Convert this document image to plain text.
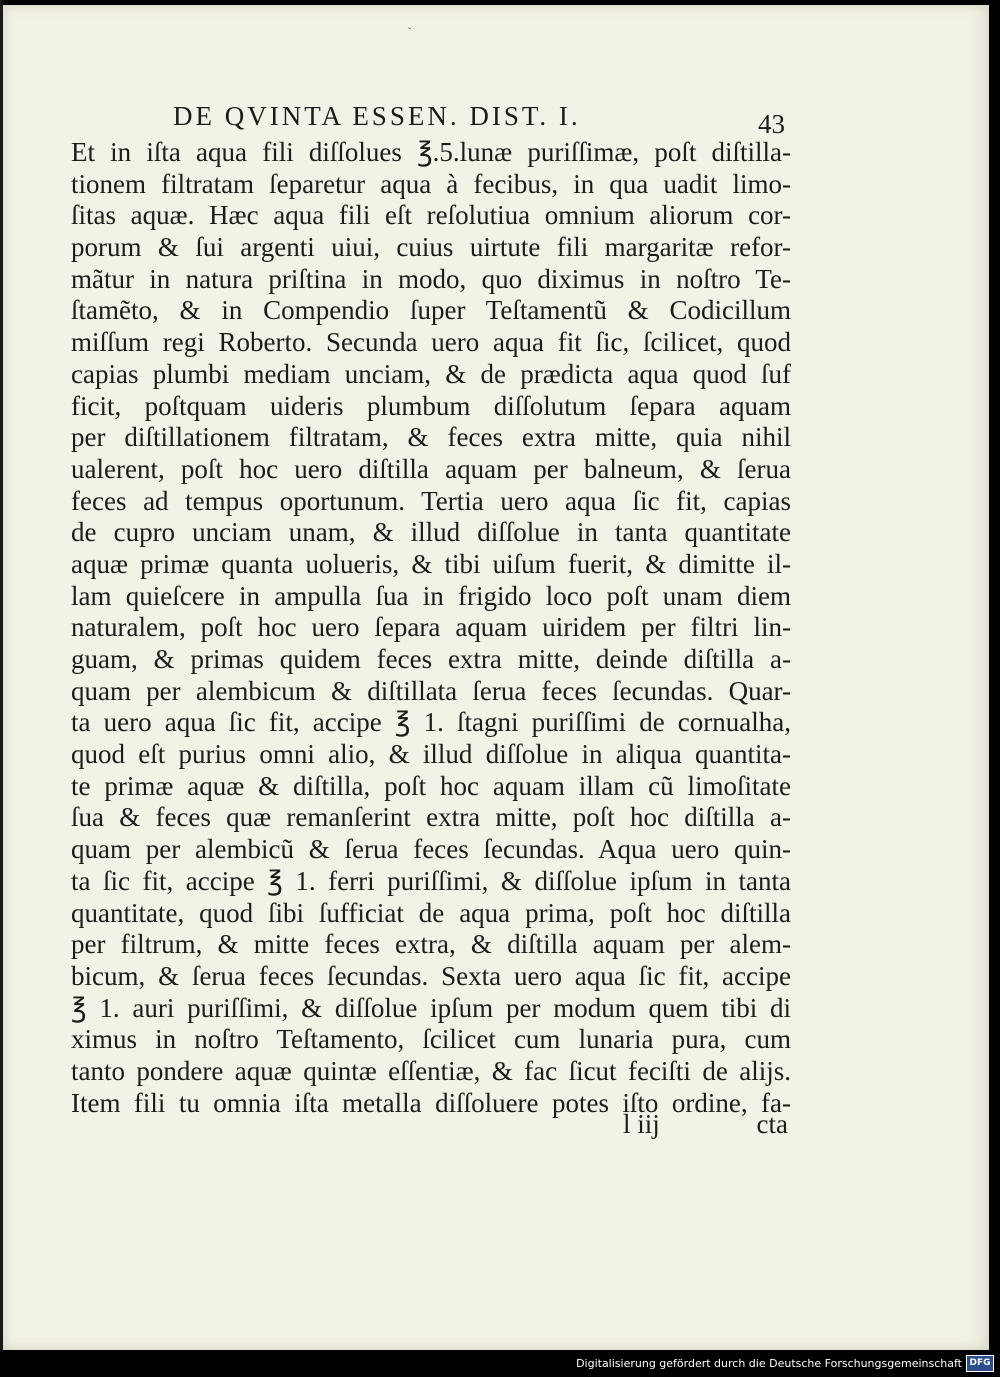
ˇ
DE QVINTA ESSEN. DIST. I.	43
Et in iſta aqua fili diſſolues ℥.5.lunæ puriſſimæ, poſt diſtilla-
tionem filtratam ſeparetur aqua à fecibus, in qua uadit limo-
ſitas aquæ. Hæc aqua fili eſt reſolutiua omnium aliorum cor-
porum & ſui argenti uiui, cuius uirtute fili margaritæ refor-
mãtur in natura priſtina in modo, quo diximus in noſtro Te-
ſtamẽto, & in Compendio ſuper Teſtamentũ & Codicillum
miſſum regi Roberto. Secunda uero aqua fit ſic, ſcilicet, quod
capias plumbi mediam unciam, & de prædicta aqua quod ſuf
ficit, poſtquam uideris plumbum diſſolutum ſepara aquam
per diſtillationem filtratam, & feces extra mitte, quia nihil
ualerent, poſt hoc uero diſtilla aquam per balneum, & ſerua
feces ad tempus oportunum. Tertia uero aqua ſic fit, capias
de cupro unciam unam, & illud diſſolue in tanta quantitate
aquæ primæ quanta uolueris, & tibi uiſum fuerit, & dimitte il-
lam quieſcere in ampulla ſua in frigido loco poſt unam diem
naturalem, poſt hoc uero ſepara aquam uiridem per filtri lin-
guam, & primas quidem feces extra mitte, deinde diſtilla a-
quam per alembicum & diſtillata ſerua feces ſecundas. Quar-
ta uero aqua ſic fit, accipe ℥ 1. ſtagni puriſſimi de cornualha,
quod eſt purius omni alio, & illud diſſolue in aliqua quantita-
te primæ aquæ & diſtilla, poſt hoc aquam illam cũ limoſitate
ſua & feces quæ remanſerint extra mitte, poſt hoc diſtilla a-
quam per alembicũ & ſerua feces ſecundas. Aqua uero quin-
ta ſic fit, accipe ℥ 1. ferri puriſſimi, & diſſolue ipſum in tanta
quantitate, quod ſibi ſufficiat de aqua prima, poſt hoc diſtilla
per filtrum, & mitte feces extra, & diſtilla aquam per alem-
bicum, & ſerua feces ſecundas. Sexta uero aqua ſic fit, accipe
℥ 1. auri puriſſimi, & diſſolue ipſum per modum quem tibi di
ximus in noſtro Teſtamento, ſcilicet cum lunaria pura, cum
tanto pondere aquæ quintæ eſſentiæ, & fac ſicut feciſti de alijs.
Item fili tu omnia iſta metalla diſſoluere potes iſto ordine, fa-
l iij	cta
Digitalisierung gefördert durch die Deutsche Forschungsgemeinschaft DFG
